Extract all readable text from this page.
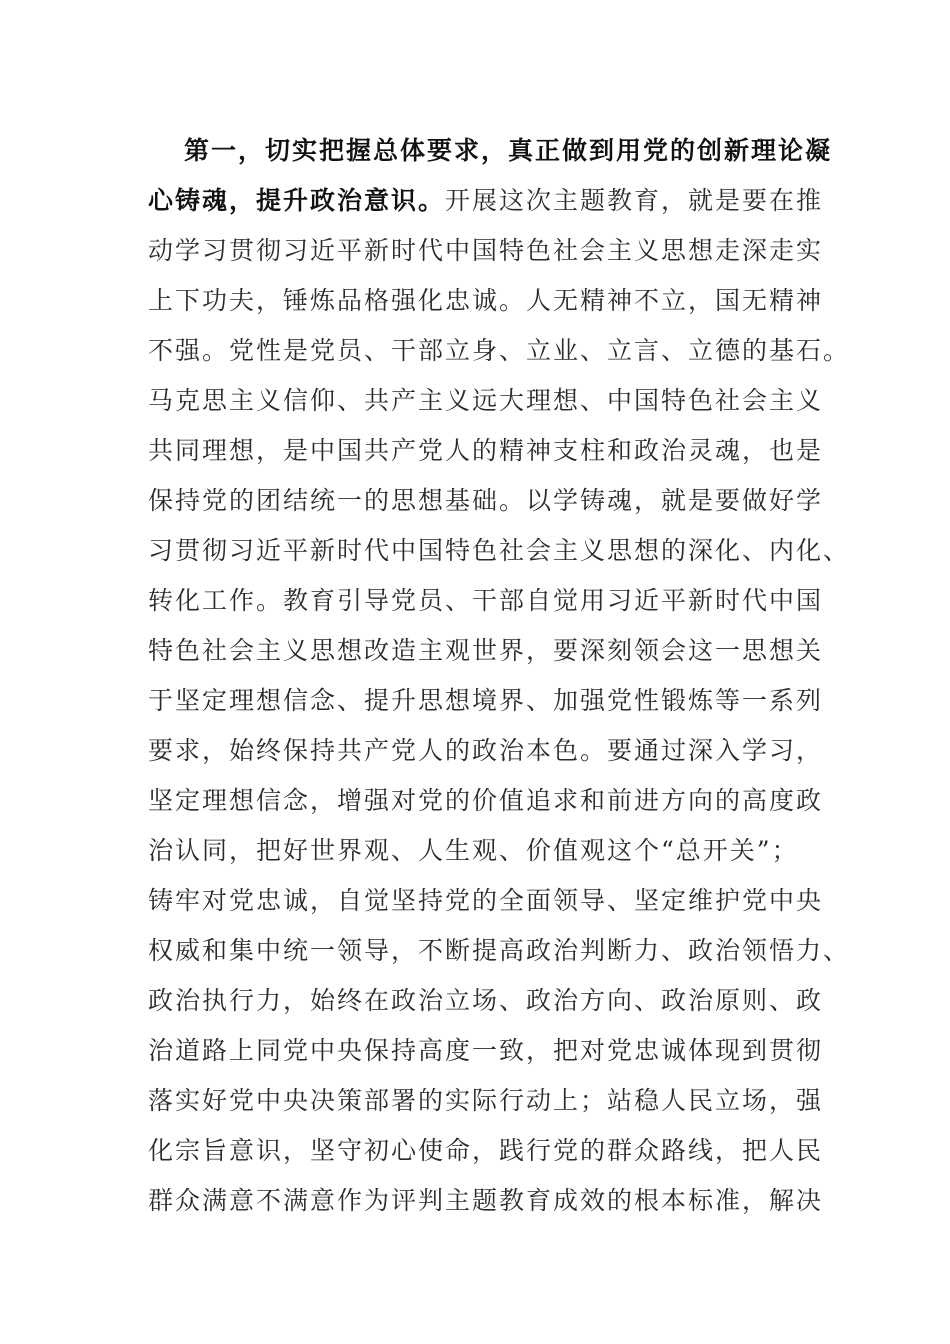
第一，切实把握总体要求，真正做到用党的创新理论凝
心铸魂，提升政治意识。开展这次主题教育，就是要在推
动学习贯彻习近平新时代中国特色社会主义思想走深走实
上下功夫，锤炼品格强化忠诚。人无精神不立，国无精神
不强。党性是党员、干部立身、立业、立言、立德的基石。
马克思主义信仰、共产主义远大理想、中国特色社会主义
共同理想，是中国共产党人的精神支柱和政治灵魂，也是
保持党的团结统一的思想基础。以学铸魂，就是要做好学
习贯彻习近平新时代中国特色社会主义思想的深化、内化、
转化工作。教育引导党员、干部自觉用习近平新时代中国
特色社会主义思想改造主观世界，要深刻领会这一思想关
于坚定理想信念、提升思想境界、加强党性锻炼等一系列
要求，始终保持共产党人的政治本色。要通过深入学习，
坚定理想信念，增强对党的价值追求和前进方向的高度政
治认同，把好世界观、人生观、价值观这个“总开关”；
铸牢对党忠诚，自觉坚持党的全面领导、坚定维护党中央
权威和集中统一领导，不断提高政治判断力、政治领悟力、
政治执行力，始终在政治立场、政治方向、政治原则、政
治道路上同党中央保持高度一致，把对党忠诚体现到贯彻
落实好党中央决策部署的实际行动上；站稳人民立场，强
化宗旨意识，坚守初心使命，践行党的群众路线，把人民
群众满意不满意作为评判主题教育成效的根本标准，解决
